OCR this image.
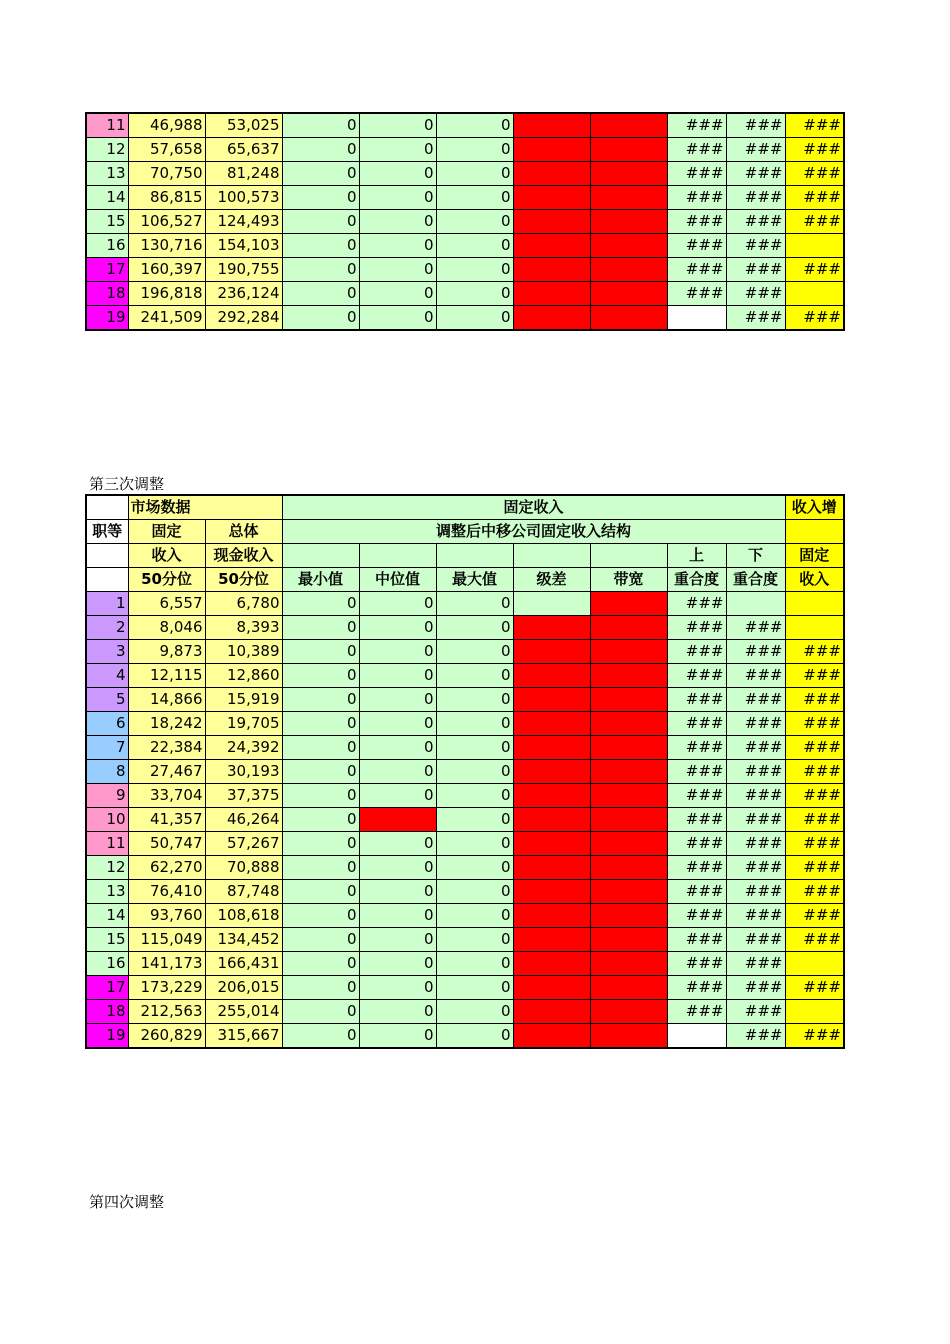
11	46,988	53,025	0	0	0			###	###	###
12	57,658	65,637	0	0	0			###	###	###
13	70,750	81,248	0	0	0			###	###	###
14	86,815	100,573	0	0	0			###	###	###
15	106,527	124,493	0	0	0			###	###	###
16	130,716	154,103	0	0	0			###	###	
17	160,397	190,755	0	0	0			###	###	###
18	196,818	236,124	0	0	0			###	###	
19	241,509	292,284	0	0	0				###	###
第三次调整
	市场数据		固定收入							收入增
职等	固定	总体	调整后中移公司固定收入结构							
	收入	现金收入						上	下	固定
	50分位	50分位	最小值	中位值	最大值	级差	带宽	重合度	重合度	收入
1	6,557	6,780	0	0	0			###		
2	8,046	8,393	0	0	0			###	###	
3	9,873	10,389	0	0	0			###	###	###
4	12,115	12,860	0	0	0			###	###	###
5	14,866	15,919	0	0	0			###	###	###
6	18,242	19,705	0	0	0			###	###	###
7	22,384	24,392	0	0	0			###	###	###
8	27,467	30,193	0	0	0			###	###	###
9	33,704	37,375	0	0	0			###	###	###
10	41,357	46,264	0		0			###	###	###
11	50,747	57,267	0	0	0			###	###	###
12	62,270	70,888	0	0	0			###	###	###
13	76,410	87,748	0	0	0			###	###	###
14	93,760	108,618	0	0	0			###	###	###
15	115,049	134,452	0	0	0			###	###	###
16	141,173	166,431	0	0	0			###	###	
17	173,229	206,015	0	0	0			###	###	###
18	212,563	255,014	0	0	0			###	###	
19	260,829	315,667	0	0	0				###	###
第四次调整
